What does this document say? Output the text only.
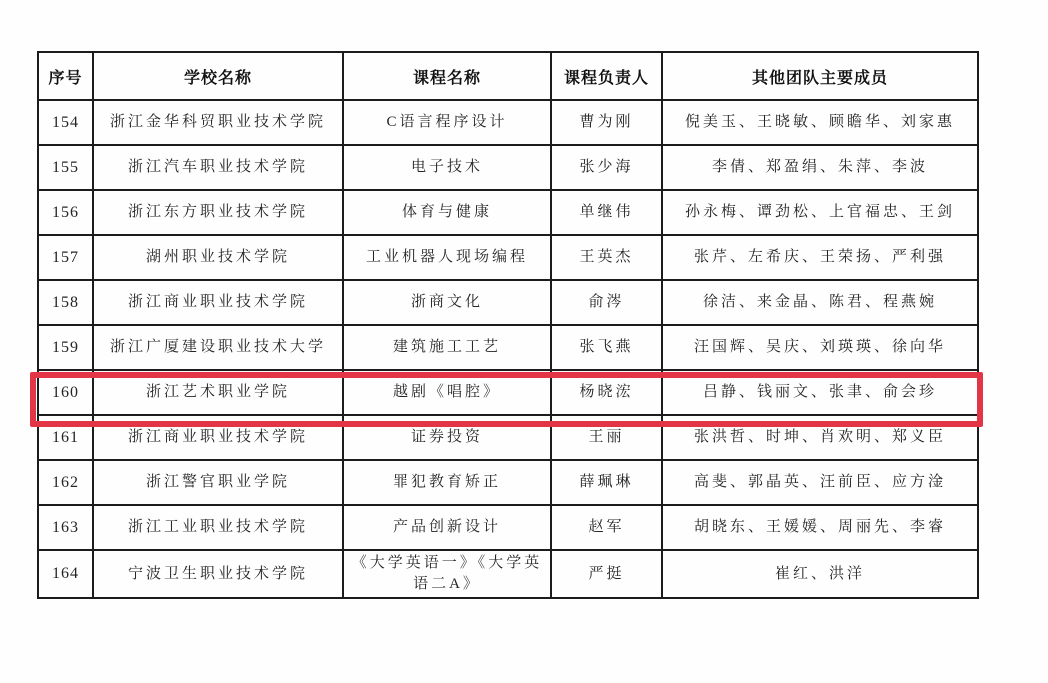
序号	学校名称	课程名称	课程负责人	其他团队主要成员
154	浙江金华科贸职业技术学院	C语言程序设计	曹为刚	倪美玉、王晓敏、顾瞻华、刘家惠
155	浙江汽车职业技术学院	电子技术	张少海	李倩、郑盈绢、朱萍、李波
156	浙江东方职业技术学院	体育与健康	单继伟	孙永梅、谭劲松、上官福忠、王剑
157	湖州职业技术学院	工业机器人现场编程	王英杰	张芹、左希庆、王荣扬、严利强
158	浙江商业职业技术学院	浙商文化	俞涔	徐洁、来金晶、陈君、程燕婉
159	浙江广厦建设职业技术大学	建筑施工工艺	张飞燕	汪国辉、吴庆、刘瑛瑛、徐向华
160	浙江艺术职业学院	越剧《唱腔》	杨晓浤	吕静、钱丽文、张聿、俞会珍
161	浙江商业职业技术学院	证券投资	王丽	张洪哲、时坤、肖欢明、郑义臣
162	浙江警官职业学院	罪犯教育矫正	薛珮琳	高斐、郭晶英、汪前臣、应方淦
163	浙江工业职业技术学院	产品创新设计	赵军	胡晓东、王媛媛、周丽先、李睿
164	宁波卫生职业技术学院	《大学英语一》《大学英语二A》	严挺	崔红、洪洋
